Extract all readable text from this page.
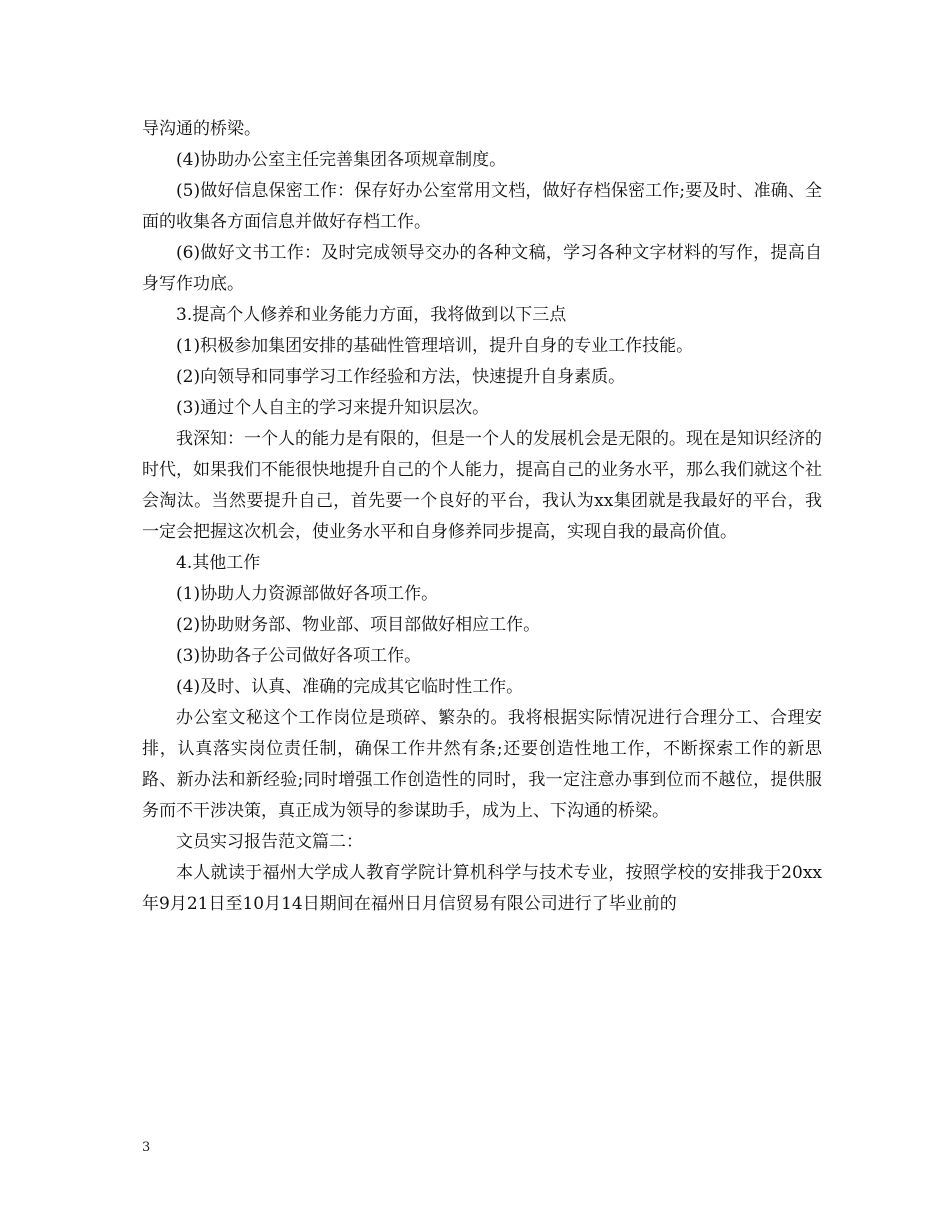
导沟通的桥梁。

(4)协助办公室主任完善集团各项规章制度。

(5)做好信息保密工作：保存好办公室常用文档，做好存档保密工作;要及时、准确、全面的收集各方面信息并做好存档工作。

(6)做好文书工作：及时完成领导交办的各种文稿，学习各种文字材料的写作，提高自身写作功底。

3.提高个人修养和业务能力方面，我将做到以下三点

(1)积极参加集团安排的基础性管理培训，提升自身的专业工作技能。

(2)向领导和同事学习工作经验和方法，快速提升自身素质。

(3)通过个人自主的学习来提升知识层次。

我深知：一个人的能力是有限的，但是一个人的发展机会是无限的。现在是知识经济的时代，如果我们不能很快地提升自己的个人能力，提高自己的业务水平，那么我们就这个社会淘汰。当然要提升自己，首先要一个良好的平台，我认为xx集团就是我最好的平台，我一定会把握这次机会，使业务水平和自身修养同步提高，实现自我的最高价值。

4.其他工作

(1)协助人力资源部做好各项工作。

(2)协助财务部、物业部、项目部做好相应工作。

(3)协助各子公司做好各项工作。

(4)及时、认真、准确的完成其它临时性工作。

办公室文秘这个工作岗位是琐碎、繁杂的。我将根据实际情况进行合理分工、合理安排，认真落实岗位责任制，确保工作井然有条;还要创造性地工作，不断探索工作的新思路、新办法和新经验;同时增强工作创造性的同时，我一定注意办事到位而不越位，提供服务而不干涉决策，真正成为领导的参谋助手，成为上、下沟通的桥梁。

文员实习报告范文篇二：

本人就读于福州大学成人教育学院计算机科学与技术专业，按照学校的安排我于20xx年9月21日至10月14日期间在福州日月信贸易有限公司进行了毕业前的

3
